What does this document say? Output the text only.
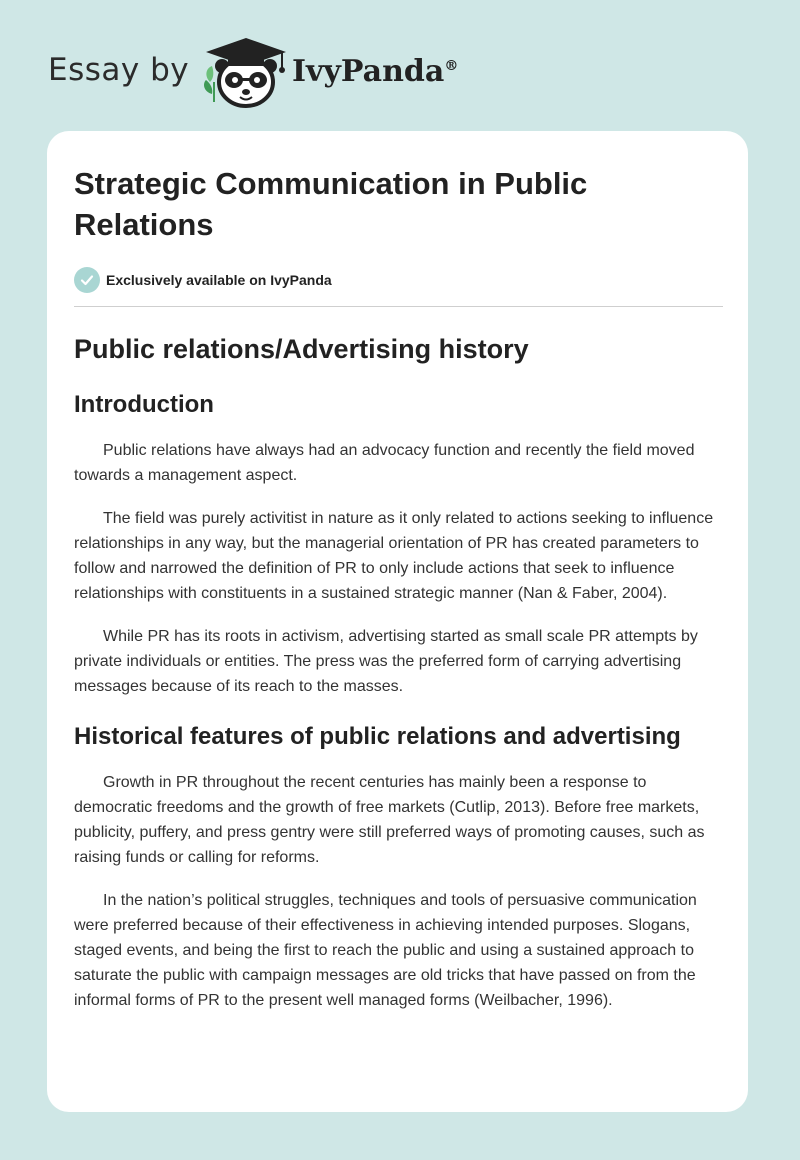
Essay by	IvyPanda®
Strategic Communication in Public Relations
Exclusively available on IvyPanda
Public relations/Advertising history
Introduction

Public relations have always had an advocacy function and recently the field moved towards a management aspect.

The field was purely activitist in nature as it only related to actions seeking to influence relationships in any way, but the managerial orientation of PR has created parameters to follow and narrowed the definition of PR to only include actions that seek to influence relationships with constituents in a sustained strategic manner (Nan & Faber, 2004).

While PR has its roots in activism, advertising started as small scale PR attempts by private individuals or entities. The press was the preferred form of carrying advertising messages because of its reach to the masses.

Historical features of public relations and advertising

Growth in PR throughout the recent centuries has mainly been a response to democratic freedoms and the growth of free markets (Cutlip, 2013). Before free markets, publicity, puffery, and press gentry were still preferred ways of promoting causes, such as raising funds or calling for reforms.

In the nation’s political struggles, techniques and tools of persuasive communication were preferred because of their effectiveness in achieving intended purposes. Slogans, staged events, and being the first to reach the public and using a sustained approach to saturate the public with campaign messages are old tricks that have passed on from the informal forms of PR to the present well managed forms (Weilbacher, 1996).
